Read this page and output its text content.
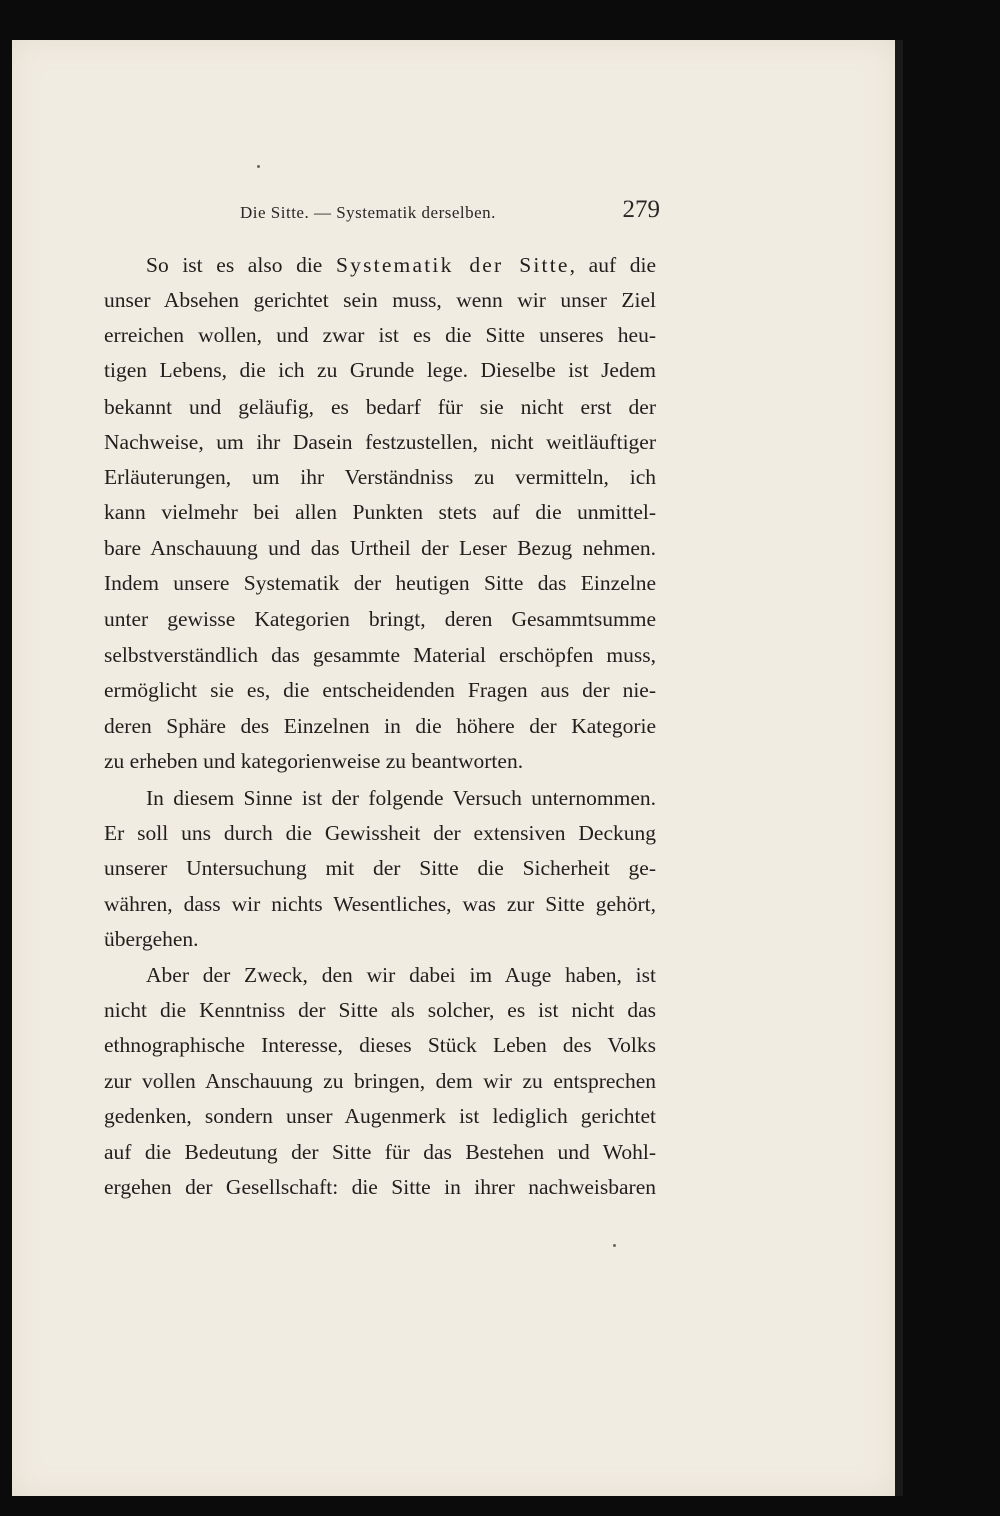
Die Sitte. — Systematik derselben.	279
So ist es also die Systematik der Sitte, auf die
unser Absehen gerichtet sein muss, wenn wir unser Ziel
erreichen wollen, und zwar ist es die Sitte unseres heu-
tigen Lebens, die ich zu Grunde lege. Dieselbe ist Jedem
bekannt und geläufig, es bedarf für sie nicht erst der
Nachweise, um ihr Dasein festzustellen, nicht weitläuftiger
Erläuterungen, um ihr Verständniss zu vermitteln, ich
kann vielmehr bei allen Punkten stets auf die unmittel-
bare Anschauung und das Urtheil der Leser Bezug nehmen.
Indem unsere Systematik der heutigen Sitte das Einzelne
unter gewisse Kategorien bringt, deren Gesammtsumme
selbstverständlich das gesammte Material erschöpfen muss,
ermöglicht sie es, die entscheidenden Fragen aus der nie-
deren Sphäre des Einzelnen in die höhere der Kategorie
zu erheben und kategorienweise zu beantworten.
In diesem Sinne ist der folgende Versuch unternommen.
Er soll uns durch die Gewissheit der extensiven Deckung
unserer Untersuchung mit der Sitte die Sicherheit ge-
währen, dass wir nichts Wesentliches, was zur Sitte gehört,
übergehen.
Aber der Zweck, den wir dabei im Auge haben, ist
nicht die Kenntniss der Sitte als solcher, es ist nicht das
ethnographische Interesse, dieses Stück Leben des Volks
zur vollen Anschauung zu bringen, dem wir zu entsprechen
gedenken, sondern unser Augenmerk ist lediglich gerichtet
auf die Bedeutung der Sitte für das Bestehen und Wohl-
ergehen der Gesellschaft: die Sitte in ihrer nachweisbaren
